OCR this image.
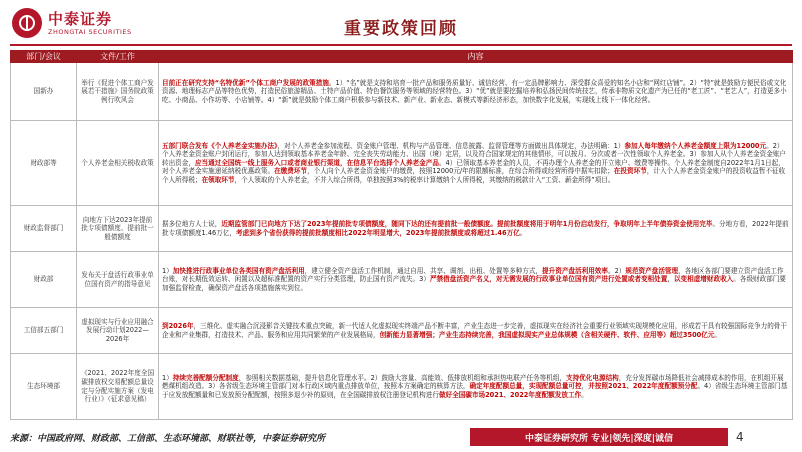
中泰证券
ZHONGTAI SECURITIES	重要政策回顾
部门/会议	文件/工作	内容
国新办	举行《促进个体工商户发展若干措施》国务院政策例行吹风会	目前正在研究支持“名特优新”个体工商户发展的政策措施。1）“名”就是支持和培育一批产品和服务质量好、诚信经营、有一定品牌影响力、深受群众喜爱的知名小店和“网红店铺”。2）“特”就是鼓励方便民俗或文化资源、地理标志产品等特色优势，打造民俗旅游精品、土特产品价值、特色餐饮服务等领域的经营特色。3）“优”就是要挖掘培养和弘扬民间传统技艺，传承非物质文化遗产为已任的“老工匠”、“老艺人”，打造更多小吃、小商品、小作坊等、小店铺等。4）“新”就是鼓励个体工商户积极参与新技术、新产业、新业态、新模式等新经济形态，加快数字化发展，实现线上线下一体化经营。
财政部等	个人养老金相关税收政策	五部门联合发布《个人养老金实施办法》，对个人养老金参加流程、资金账户管理、机构与产品管理、信息披露、监督管理等方面做出具体规定，办法明确：1）参加人每年缴纳个人养老金额度上限为12000元。2）个人养老金资金账户封闭运行，参加人达到领取基本养老金年龄、完全丧失劳动能力、出国（境）定居，以及符合国家规定的其他情形，可以按月、分次或者一次性领取个人养老金。3）参加人从个人养老金资金账户转出资金，应当通过全国统一线上服务入口或者商业银行渠道，在信息平台选择个人养老金产品。4）已领取基本养老金的人员，不再办理个人养老金的开立账户、缴费等操作。个人养老金制度自2022年1月1日起，对个人养老金实施递延纳税优惠政策。在缴费环节，个人向个人养老金资金账户的缴费，按照12000元/年的限额标准，在综合所得或经营所得中据实扣除；在投资环节，计入个人养老金资金账户的投资收益暂不征收个人所得税；在领取环节，个人领取的个人养老金，不并入综合所得，单独按照3%的税率计算缴纳个人所得税，其缴纳的税款计入“工资、薪金所得”项目。
财政监督部门	向地方下达2023年提前批专项债额度、提前批一般债额度	据多位地方人士说，近期监管部门已向地方下达了2023年提前批专项债额度，随同下达的还有提前批一般债额度。提前批额度将用于明年1月份启动发行，争取明年上半年债券资金使用完毕。分地方看，2022年提前批专项债额度1.46万亿，考虑到多个省份获得的提前批额度相比2022年明显增大，2023年提前批额度或将超过1.46万亿。
财政部	发布关于盘活行政事业单位国有资产的指导意见	1）加快推进行政事业单位各类国有资产盘活利用，建立健全资产盘活工作机制，通过自用、共享、调剂、出租、处置等多种方式，提升资产盘活利用效率。2）规范资产盘活管理，各地区各部门要建立资产盘活工作台账，对长期低效运转、闲置以及超标准配置的资产实行分类管理，防止国有资产流失。3）严禁借盘活资产名义，对无需发展的行政事业单位国有资产进行处置或者变相处置，以变相虚增财政收入。各级财政部门要加强监督检查，确保资产盘活各项措施落实到位。
工信部五部门	虚拟现实与行业应用融合发展行动计划2022—2026年	到2026年，三维化、虚实融合沉浸影音关键技术重点突破，新一代适人化虚拟现实终端产品不断丰富，产业生态进一步完善，虚拟现实在经济社会重要行业领域实现规模化应用，形成若干具有较强国际竞争力的骨干企业和产业集群，打造技术、产品、服务和应用共同繁荣的产业发展格局，创新能力显著增强；产业生态持续完善，我国虚拟现实产业总体规模（含相关硬件、软件、应用等）超过3500亿元。
生态环境部	《2021、2022年度全国碳排放权交易配额总量设定与分配实施方案（发电行业）》（征求意见稿）	1）持续完善配额分配制度，参照相关数据基础，提升信息化管理水平。2）鼓励大容量、高能效、低排放机组和承担热电联产任务等机组，支持优化电源结构，充分发挥碳市场降低社会减排成本的作用，在机组开展燃煤机组改造。3）各省级生态环境主管部门对本行政区域内重点排放单位，按照本方案确定的核算方法，确定年度配额总量，实现配额总量可控，并按照2021、2022年度配额预分配。4）省级生态环境主管部门基于应发放配额量和已发放预分配配额，按照多退少补的原则，在全国碳排放权注册登记机构进行做好全国碳市场2021、2022年度配额发放工作。
来源：中国政府网、财政部、工信部、生态环境部、财联社等，中泰证券研究所	中泰证券研究所 专业|领先|深度|诚信	4
